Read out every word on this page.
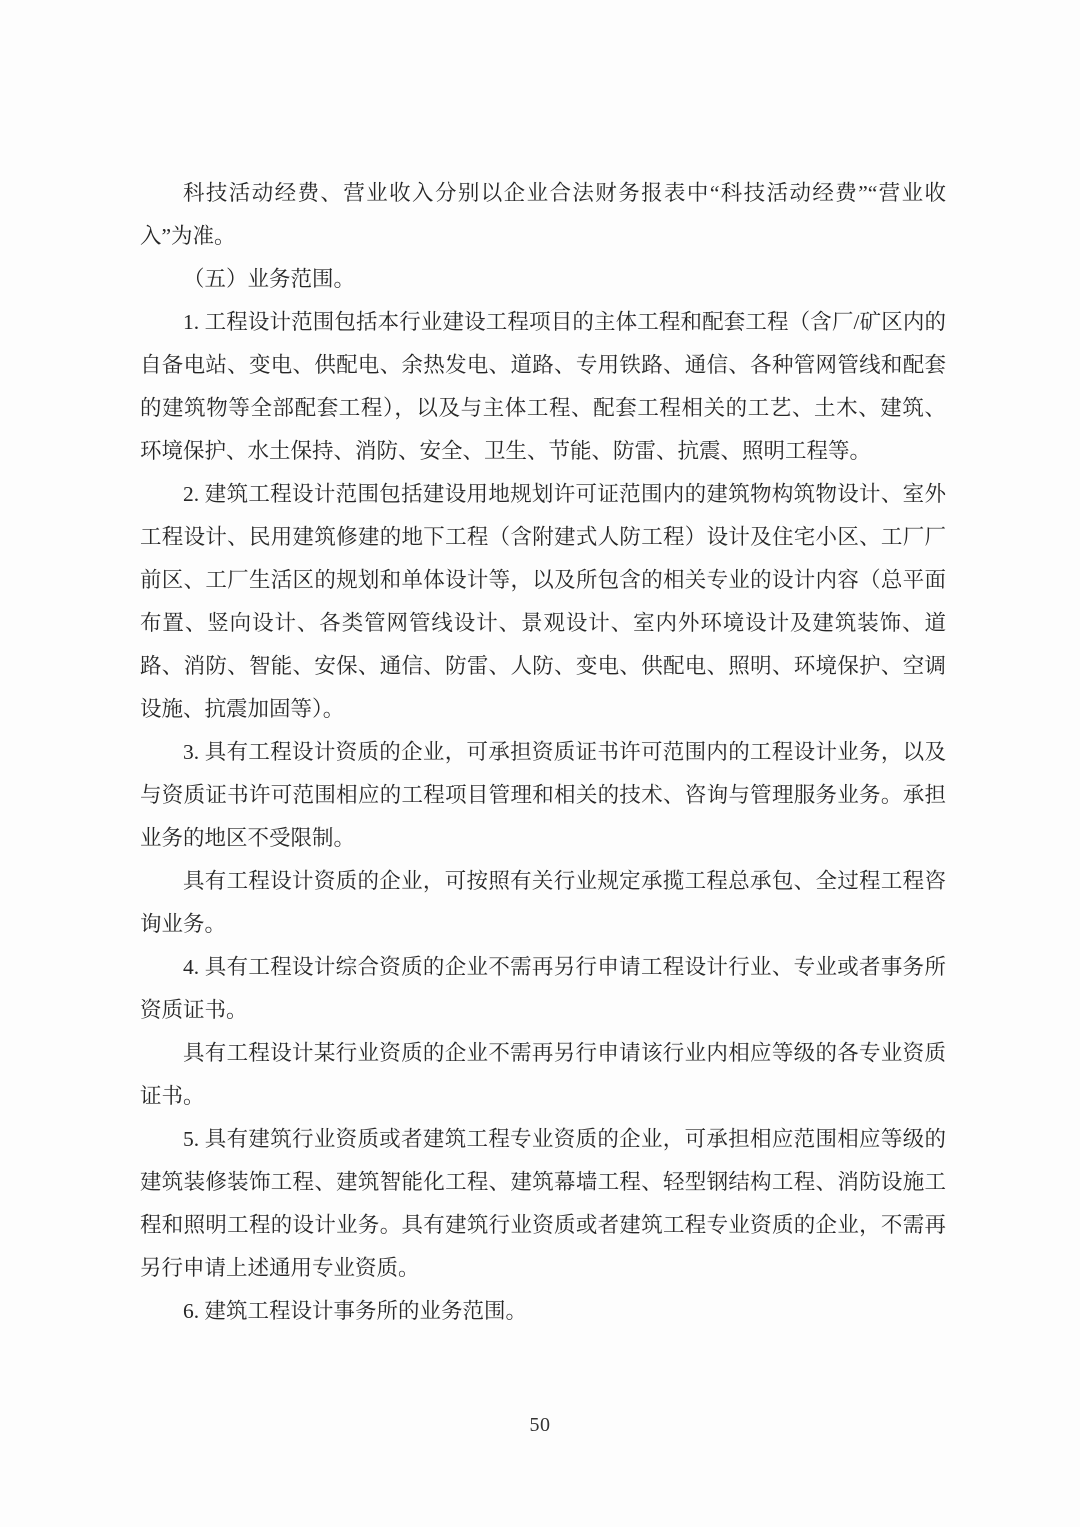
科技活动经费、营业收入分别以企业合法财务报表中“科技活动经费”“营业收入”为准。

（五）业务范围。

1. 工程设计范围包括本行业建设工程项目的主体工程和配套工程（含厂/矿区内的自备电站、变电、供配电、余热发电、道路、专用铁路、通信、各种管网管线和配套的建筑物等全部配套工程），以及与主体工程、配套工程相关的工艺、土木、建筑、环境保护、水土保持、消防、安全、卫生、节能、防雷、抗震、照明工程等。

2. 建筑工程设计范围包括建设用地规划许可证范围内的建筑物构筑物设计、室外工程设计、民用建筑修建的地下工程（含附建式人防工程）设计及住宅小区、工厂厂前区、工厂生活区的规划和单体设计等，以及所包含的相关专业的设计内容（总平面布置、竖向设计、各类管网管线设计、景观设计、室内外环境设计及建筑装饰、道路、消防、智能、安保、通信、防雷、人防、变电、供配电、照明、环境保护、空调设施、抗震加固等）。

3. 具有工程设计资质的企业，可承担资质证书许可范围内的工程设计业务，以及与资质证书许可范围相应的工程项目管理和相关的技术、咨询与管理服务业务。承担业务的地区不受限制。

具有工程设计资质的企业，可按照有关行业规定承揽工程总承包、全过程工程咨询业务。

4. 具有工程设计综合资质的企业不需再另行申请工程设计行业、专业或者事务所资质证书。

具有工程设计某行业资质的企业不需再另行申请该行业内相应等级的各专业资质证书。

5. 具有建筑行业资质或者建筑工程专业资质的企业，可承担相应范围相应等级的建筑装修装饰工程、建筑智能化工程、建筑幕墙工程、轻型钢结构工程、消防设施工程和照明工程的设计业务。具有建筑行业资质或者建筑工程专业资质的企业，不需再另行申请上述通用专业资质。

6. 建筑工程设计事务所的业务范围。

50
